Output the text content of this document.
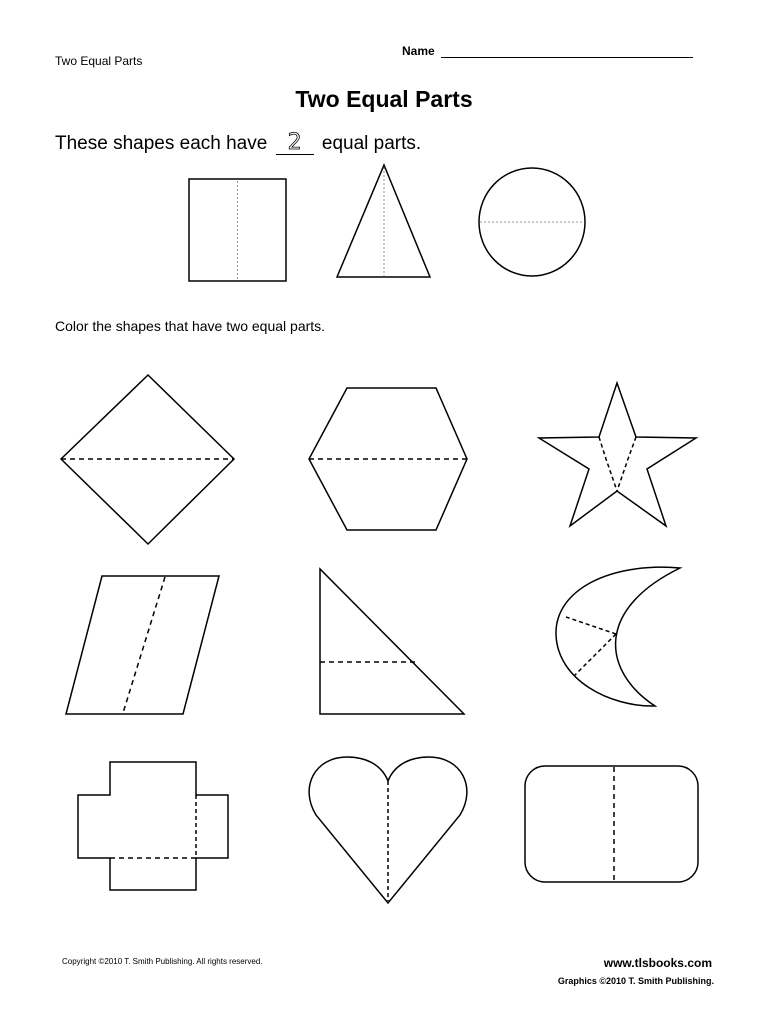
Two Equal Parts
Name
Two Equal Parts
These shapes each have 2 equal parts.
Color the shapes that have two equal parts.
Copyright ©2010 T. Smith Publishing. All rights reserved.	www.tlsbooks.com
Graphics ©2010 T. Smith Publishing.
